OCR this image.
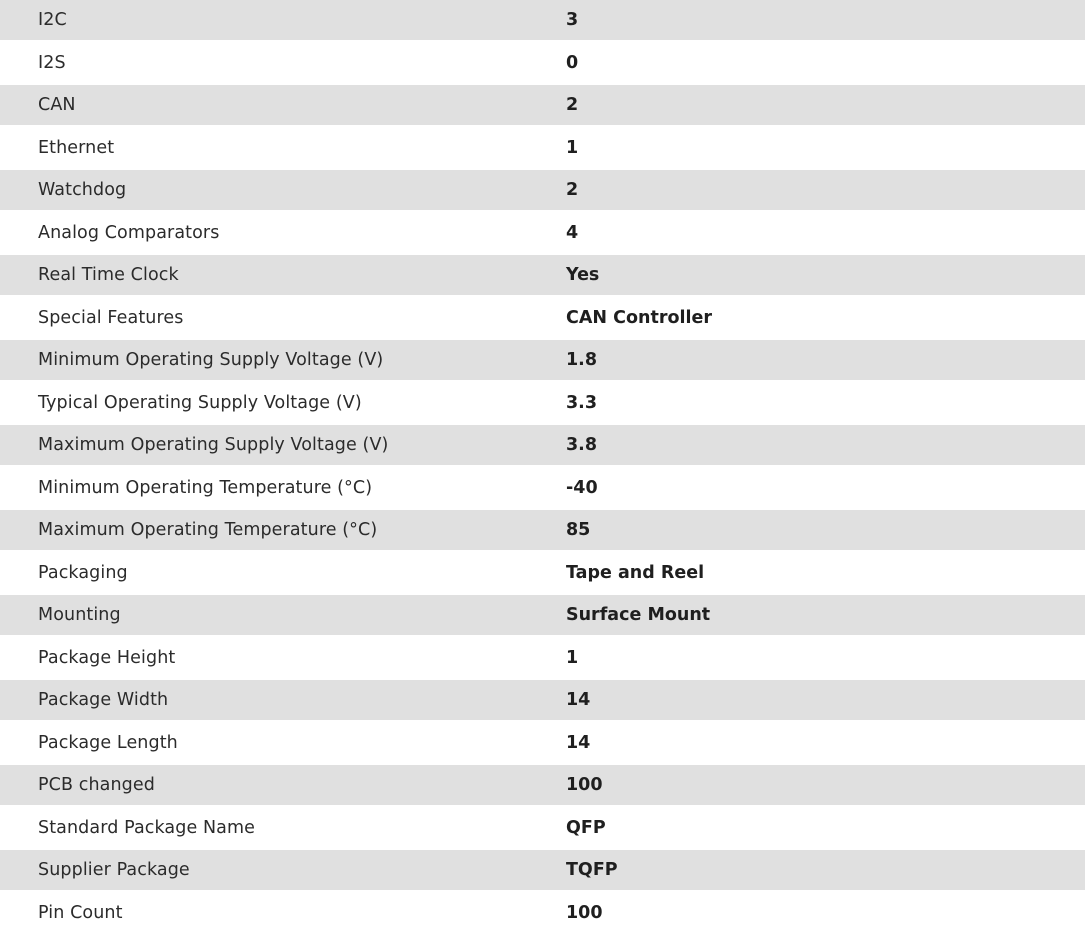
I2C	3
I2S	0
CAN	2
Ethernet	1
Watchdog	2
Analog Comparators	4
Real Time Clock	Yes
Special Features	CAN Controller
Minimum Operating Supply Voltage (V)	1.8
Typical Operating Supply Voltage (V)	3.3
Maximum Operating Supply Voltage (V)	3.8
Minimum Operating Temperature (°C)	-40
Maximum Operating Temperature (°C)	85
Packaging	Tape and Reel
Mounting	Surface Mount
Package Height	1
Package Width	14
Package Length	14
PCB changed	100
Standard Package Name	QFP
Supplier Package	TQFP
Pin Count	100
